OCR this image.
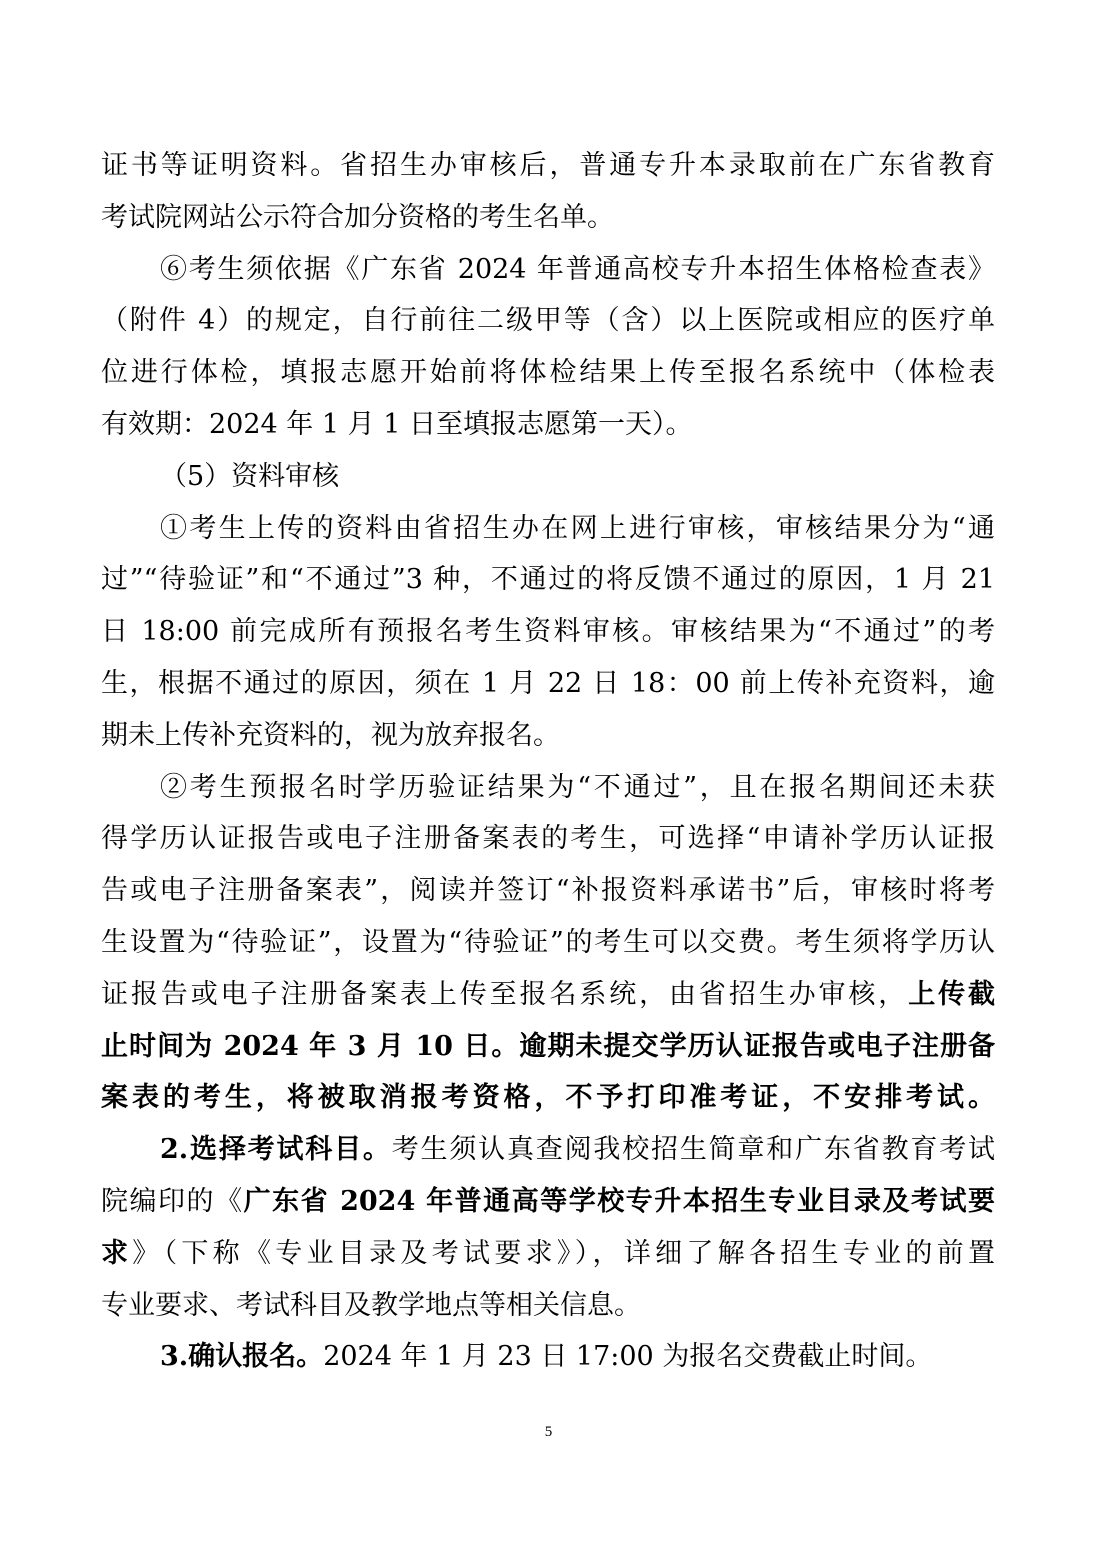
证书等证明资料。省招生办审核后，普通专升本录取前在广东省教育
考试院网站公示符合加分资格的考生名单。
⑥考生须依据《广东省 2024 年普通高校专升本招生体格检查表》
（附件 4）的规定，自行前往二级甲等（含）以上医院或相应的医疗单
位进行体检，填报志愿开始前将体检结果上传至报名系统中（体检表
有效期：2024 年 1 月 1 日至填报志愿第一天）。
（5）资料审核
①考生上传的资料由省招生办在网上进行审核，审核结果分为“通
过”“待验证”和“不通过”3 种，不通过的将反馈不通过的原因，1 月 21
日 18:00 前完成所有预报名考生资料审核。审核结果为“不通过”的考
生，根据不通过的原因，须在 1 月 22 日 18：00 前上传补充资料，逾
期未上传补充资料的，视为放弃报名。
②考生预报名时学历验证结果为“不通过”，且在报名期间还未获
得学历认证报告或电子注册备案表的考生，可选择“申请补学历认证报
告或电子注册备案表”，阅读并签订“补报资料承诺书”后，审核时将考
生设置为“待验证”，设置为“待验证”的考生可以交费。考生须将学历认
证报告或电子注册备案表上传至报名系统，由省招生办审核，上传截
止时间为 2024 年 3 月 10 日。逾期未提交学历认证报告或电子注册备
案表的考生，将被取消报考资格，不予打印准考证，不安排考试。
2.选择考试科目。考生须认真查阅我校招生简章和广东省教育考试
院编印的《广东省 2024 年普通高等学校专升本招生专业目录及考试要
求》（下称《专业目录及考试要求》），详细了解各招生专业的前置
专业要求、考试科目及教学地点等相关信息。
3.确认报名。2024 年 1 月 23 日 17:00 为报名交费截止时间。
5
